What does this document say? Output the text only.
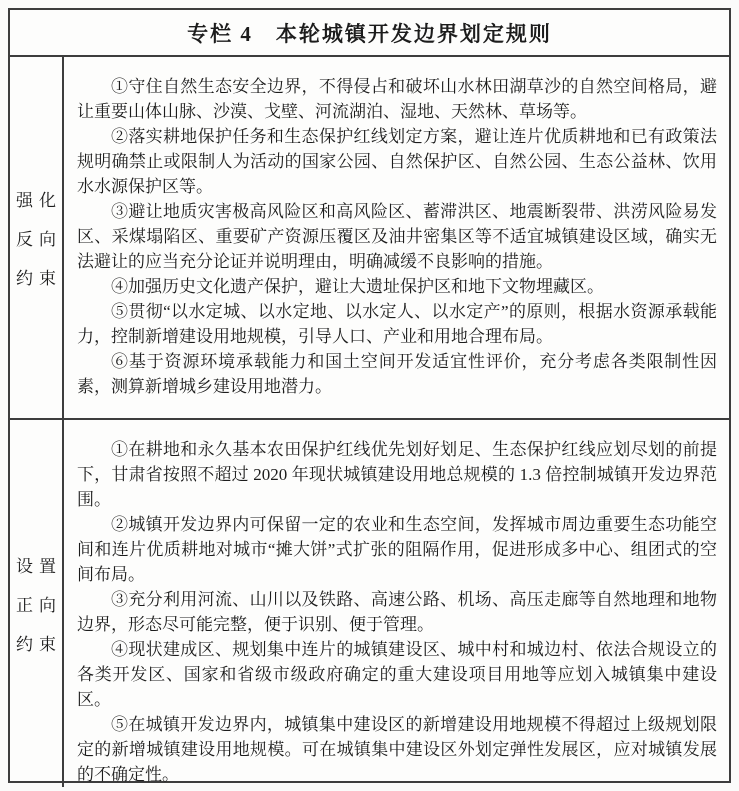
专栏 4　本轮城镇开发边界划定规则
强化
反向
约束

①守住自然生态安全边界，不得侵占和破坏山水林田湖草沙的自然空间格局，避让重要山体山脉、沙漠、戈壁、河流湖泊、湿地、天然林、草场等。

②落实耕地保护任务和生态保护红线划定方案，避让连片优质耕地和已有政策法规明确禁止或限制人为活动的国家公园、自然保护区、自然公园、生态公益林、饮用水水源保护区等。

③避让地质灾害极高风险区和高风险区、蓄滞洪区、地震断裂带、洪涝风险易发区、采煤塌陷区、重要矿产资源压覆区及油井密集区等不适宜城镇建设区域，确实无法避让的应当充分论证并说明理由，明确减缓不良影响的措施。

④加强历史文化遗产保护，避让大遗址保护区和地下文物埋藏区。

⑤贯彻“以水定城、以水定地、以水定人、以水定产”的原则，根据水资源承载能力，控制新增建设用地规模，引导人口、产业和用地合理布局。

⑥基于资源环境承载能力和国土空间开发适宜性评价，充分考虑各类限制性因素，测算新增城乡建设用地潜力。

设置
正向
约束

①在耕地和永久基本农田保护红线优先划好划足、生态保护红线应划尽划的前提下，甘肃省按照不超过 2020 年现状城镇建设用地总规模的 1.3 倍控制城镇开发边界范围。

②城镇开发边界内可保留一定的农业和生态空间，发挥城市周边重要生态功能空间和连片优质耕地对城市“摊大饼”式扩张的阻隔作用，促进形成多中心、组团式的空间布局。

③充分利用河流、山川以及铁路、高速公路、机场、高压走廊等自然地理和地物边界，形态尽可能完整，便于识别、便于管理。

④现状建成区、规划集中连片的城镇建设区、城中村和城边村、依法合规设立的各类开发区、国家和省级市级政府确定的重大建设项目用地等应划入城镇集中建设区。

⑤在城镇开发边界内，城镇集中建设区的新增建设用地规模不得超过上级规划限定的新增城镇建设用地规模。可在城镇集中建设区外划定弹性发展区，应对城镇发展的不确定性。
